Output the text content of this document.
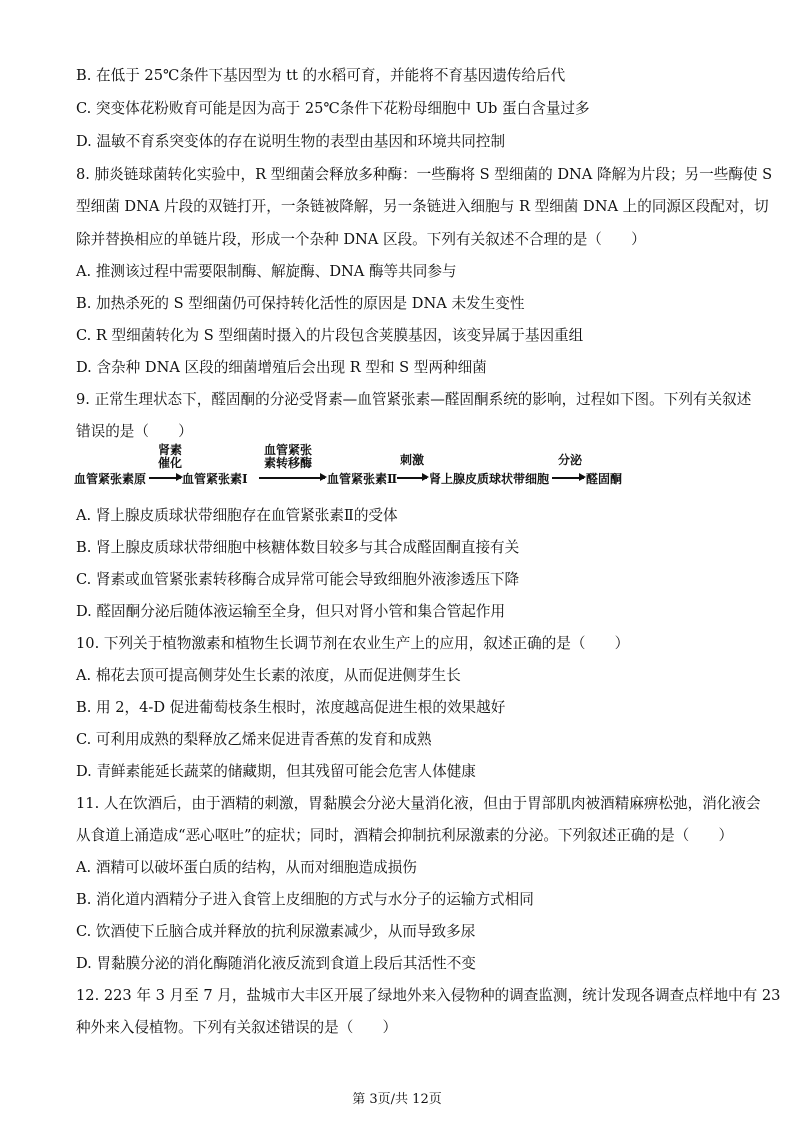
B. 在低于 25℃条件下基因型为 tt 的水稻可育，并能将不育基因遗传给后代
C. 突变体花粉败育可能是因为高于 25℃条件下花粉母细胞中 Ub 蛋白含量过多
D. 温敏不育系突变体的存在说明生物的表型由基因和环境共同控制
8. 肺炎链球菌转化实验中，R 型细菌会释放多种酶：一些酶将 S 型细菌的 DNA 降解为片段；另一些酶使 S
型细菌 DNA 片段的双链打开，一条链被降解，另一条链进入细胞与 R 型细菌 DNA 上的同源区段配对，切
除并替换相应的单链片段，形成一个杂种 DNA 区段。下列有关叙述不合理的是（　　）
A. 推测该过程中需要限制酶、解旋酶、DNA 酶等共同参与
B. 加热杀死的 S 型细菌仍可保持转化活性的原因是 DNA 未发生变性
C. R 型细菌转化为 S 型细菌时摄入的片段包含荚膜基因，该变异属于基因重组
D. 含杂种 DNA 区段的细菌增殖后会出现 R 型和 S 型两种细菌
9. 正常生理状态下，醛固酮的分泌受肾素—血管紧张素—醛固酮系统的影响，过程如下图。下列有关叙述
错误的是（　　）
血管紧张素原
肾素
催化
血管紧张素Ⅰ
血管紧张
素转移酶
血管紧张素Ⅱ
刺激
肾上腺皮质球状带细胞
分泌
醛固酮
A. 肾上腺皮质球状带细胞存在血管紧张素Ⅱ的受体
B. 肾上腺皮质球状带细胞中核糖体数目较多与其合成醛固酮直接有关
C. 肾素或血管紧张素转移酶合成异常可能会导致细胞外液渗透压下降
D. 醛固酮分泌后随体液运输至全身，但只对肾小管和集合管起作用
10. 下列关于植物激素和植物生长调节剂在农业生产上的应用，叙述正确的是（　　）
A. 棉花去顶可提高侧芽处生长素的浓度，从而促进侧芽生长
B. 用 2，4-D 促进葡萄枝条生根时，浓度越高促进生根的效果越好
C. 可利用成熟的梨释放乙烯来促进青香蕉的发育和成熟
D. 青鲜素能延长蔬菜的储藏期，但其残留可能会危害人体健康
11. 人在饮酒后，由于酒精的刺激，胃黏膜会分泌大量消化液，但由于胃部肌肉被酒精麻痹松弛，消化液会
从食道上涌造成“恶心呕吐”的症状；同时，酒精会抑制抗利尿激素的分泌。下列叙述正确的是（　　）
A. 酒精可以破坏蛋白质的结构，从而对细胞造成损伤
B. 消化道内酒精分子进入食管上皮细胞的方式与水分子的运输方式相同
C. 饮酒使下丘脑合成并释放的抗利尿激素减少，从而导致多尿
D. 胃黏膜分泌的消化酶随消化液反流到食道上段后其活性不变
12. 223 年 3 月至 7 月，盐城市大丰区开展了绿地外来入侵物种的调查监测，统计发现各调查点样地中有 23
种外来入侵植物。下列有关叙述错误的是（　　）
第 3页/共 12页
